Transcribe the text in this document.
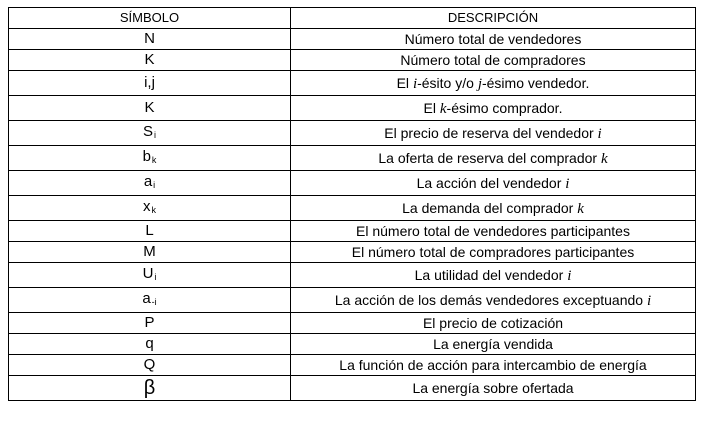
SÍMBOLO	DESCRIPCIÓN
N	Número total de vendedores
K	Número total de compradores
i,j	El i-ésito y/o j-ésimo vendedor.
K	El k-ésimo comprador.
$S_i$	El precio de reserva del vendedor i
$b_k$	La oferta de reserva del comprador k
$a_i$	La acción del vendedor i
$x_k$	La demanda del comprador k
L	El número total de vendedores participantes
M	El número total de compradores participantes
$U_i$	La utilidad del vendedor i
$a_{-i}$	La acción de los demás vendedores exceptuando i
P	El precio de cotización
q	La energía vendida
Q	La función de acción para intercambio de energía
β	La energía sobre ofertada
